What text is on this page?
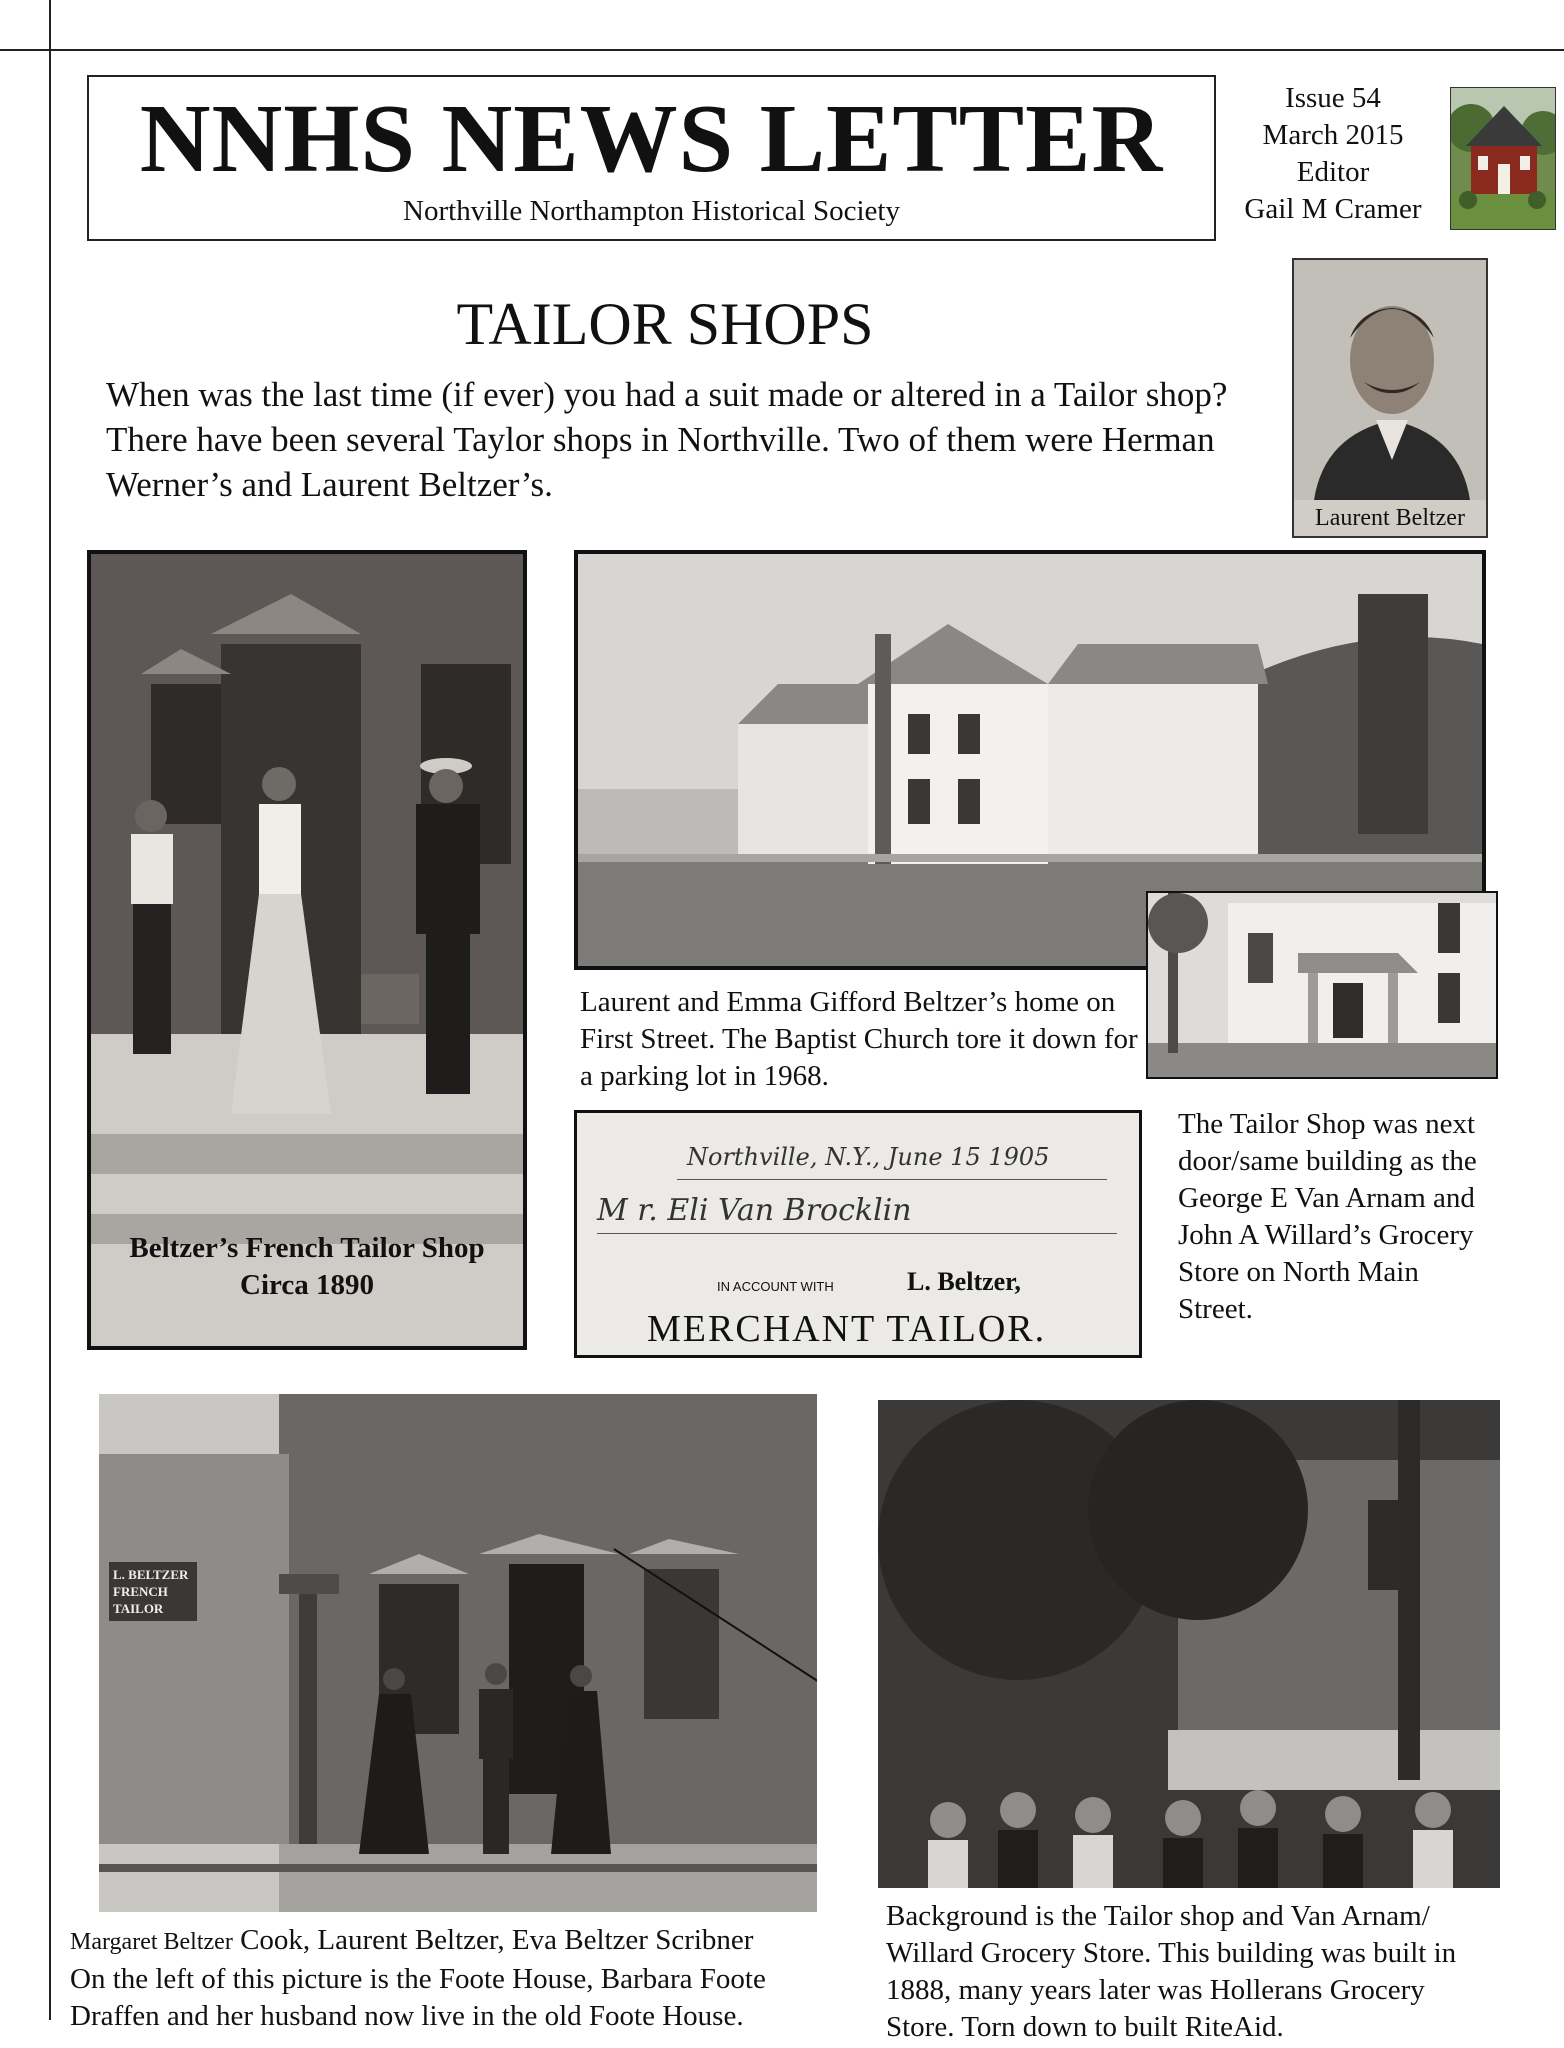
NNHS NEWS LETTER
Northville Northampton Historical Society
Issue 54
March 2015
Editor
Gail M Cramer
TAILOR SHOPS
When was the last time (if ever) you had a suit made or altered in a Tailor shop? There have been several Taylor shops in Northville. Two of them were Herman Werner’s and Laurent Beltzer’s.
Laurent Beltzer
Beltzer’s French Tailor Shop
Circa 1890
Laurent and Emma Gifford Beltzer’s home on First Street. The Baptist Church tore it down for a parking lot in 1968.
Northville, N.Y., June 15 1905
M r. Eli Van Brocklin
IN ACCOUNT WITH	L. Beltzer,
MERCHANT TAILOR.
The Tailor Shop was next door/same building as the George E Van Arnam and John A Willard’s Grocery Store on North Main Street.
L. BELTZER FRENCH TAILOR
Margaret Beltzer Cook, Laurent Beltzer, Eva Beltzer Scribner
On the left of this picture is the Foote House, Barbara Foote
Draffen and her husband now live in the old Foote House.
Background is the Tailor shop and Van Arnam/ Willard Grocery Store. This building was built in 1888, many years later was Hollerans Grocery Store. Torn down to built RiteAid.
